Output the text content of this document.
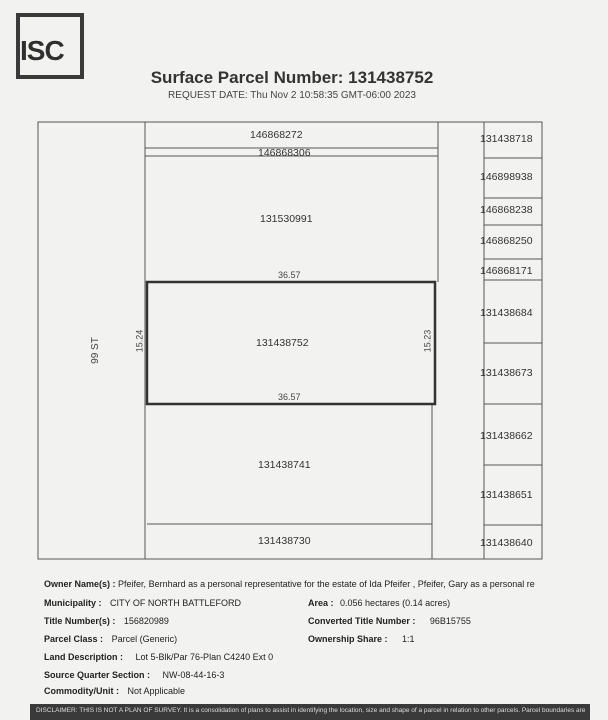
ISC
Surface Parcel Number: 131438752
REQUEST DATE: Thu Nov 2 10:58:35 GMT-06:00 2023
99 ST
146868272
146868306
131530991
131438752
131438741
131438730
36.57
36.57
15.24	15.23
131438718
146898938
146868238
146868250
146868171
131438684
131438673
131438662
131438651
131438640
Owner Name(s) : Pfeifer, Bernhard as a personal representative for the estate of Ida Pfeifer , Pfeifer, Gary as a personal re
Municipality : CITY OF NORTH BATTLEFORD	Area : 0.056 hectares (0.14 acres)
Title Number(s) : 156820989	Converted Title Number : 96B15755
Parcel Class : Parcel (Generic)	Ownership Share : 1:1
Land Description : Lot 5-Blk/Par 76-Plan C4240 Ext 0
Source Quarter Section : NW-08-44-16-3
Commodity/Unit : Not Applicable
DISCLAIMER: THIS IS NOT A PLAN OF SURVEY. It is a consolidation of plans to assist in identifying the location, size and shape of a parcel in relation to other parcels. Parcel boundaries are
